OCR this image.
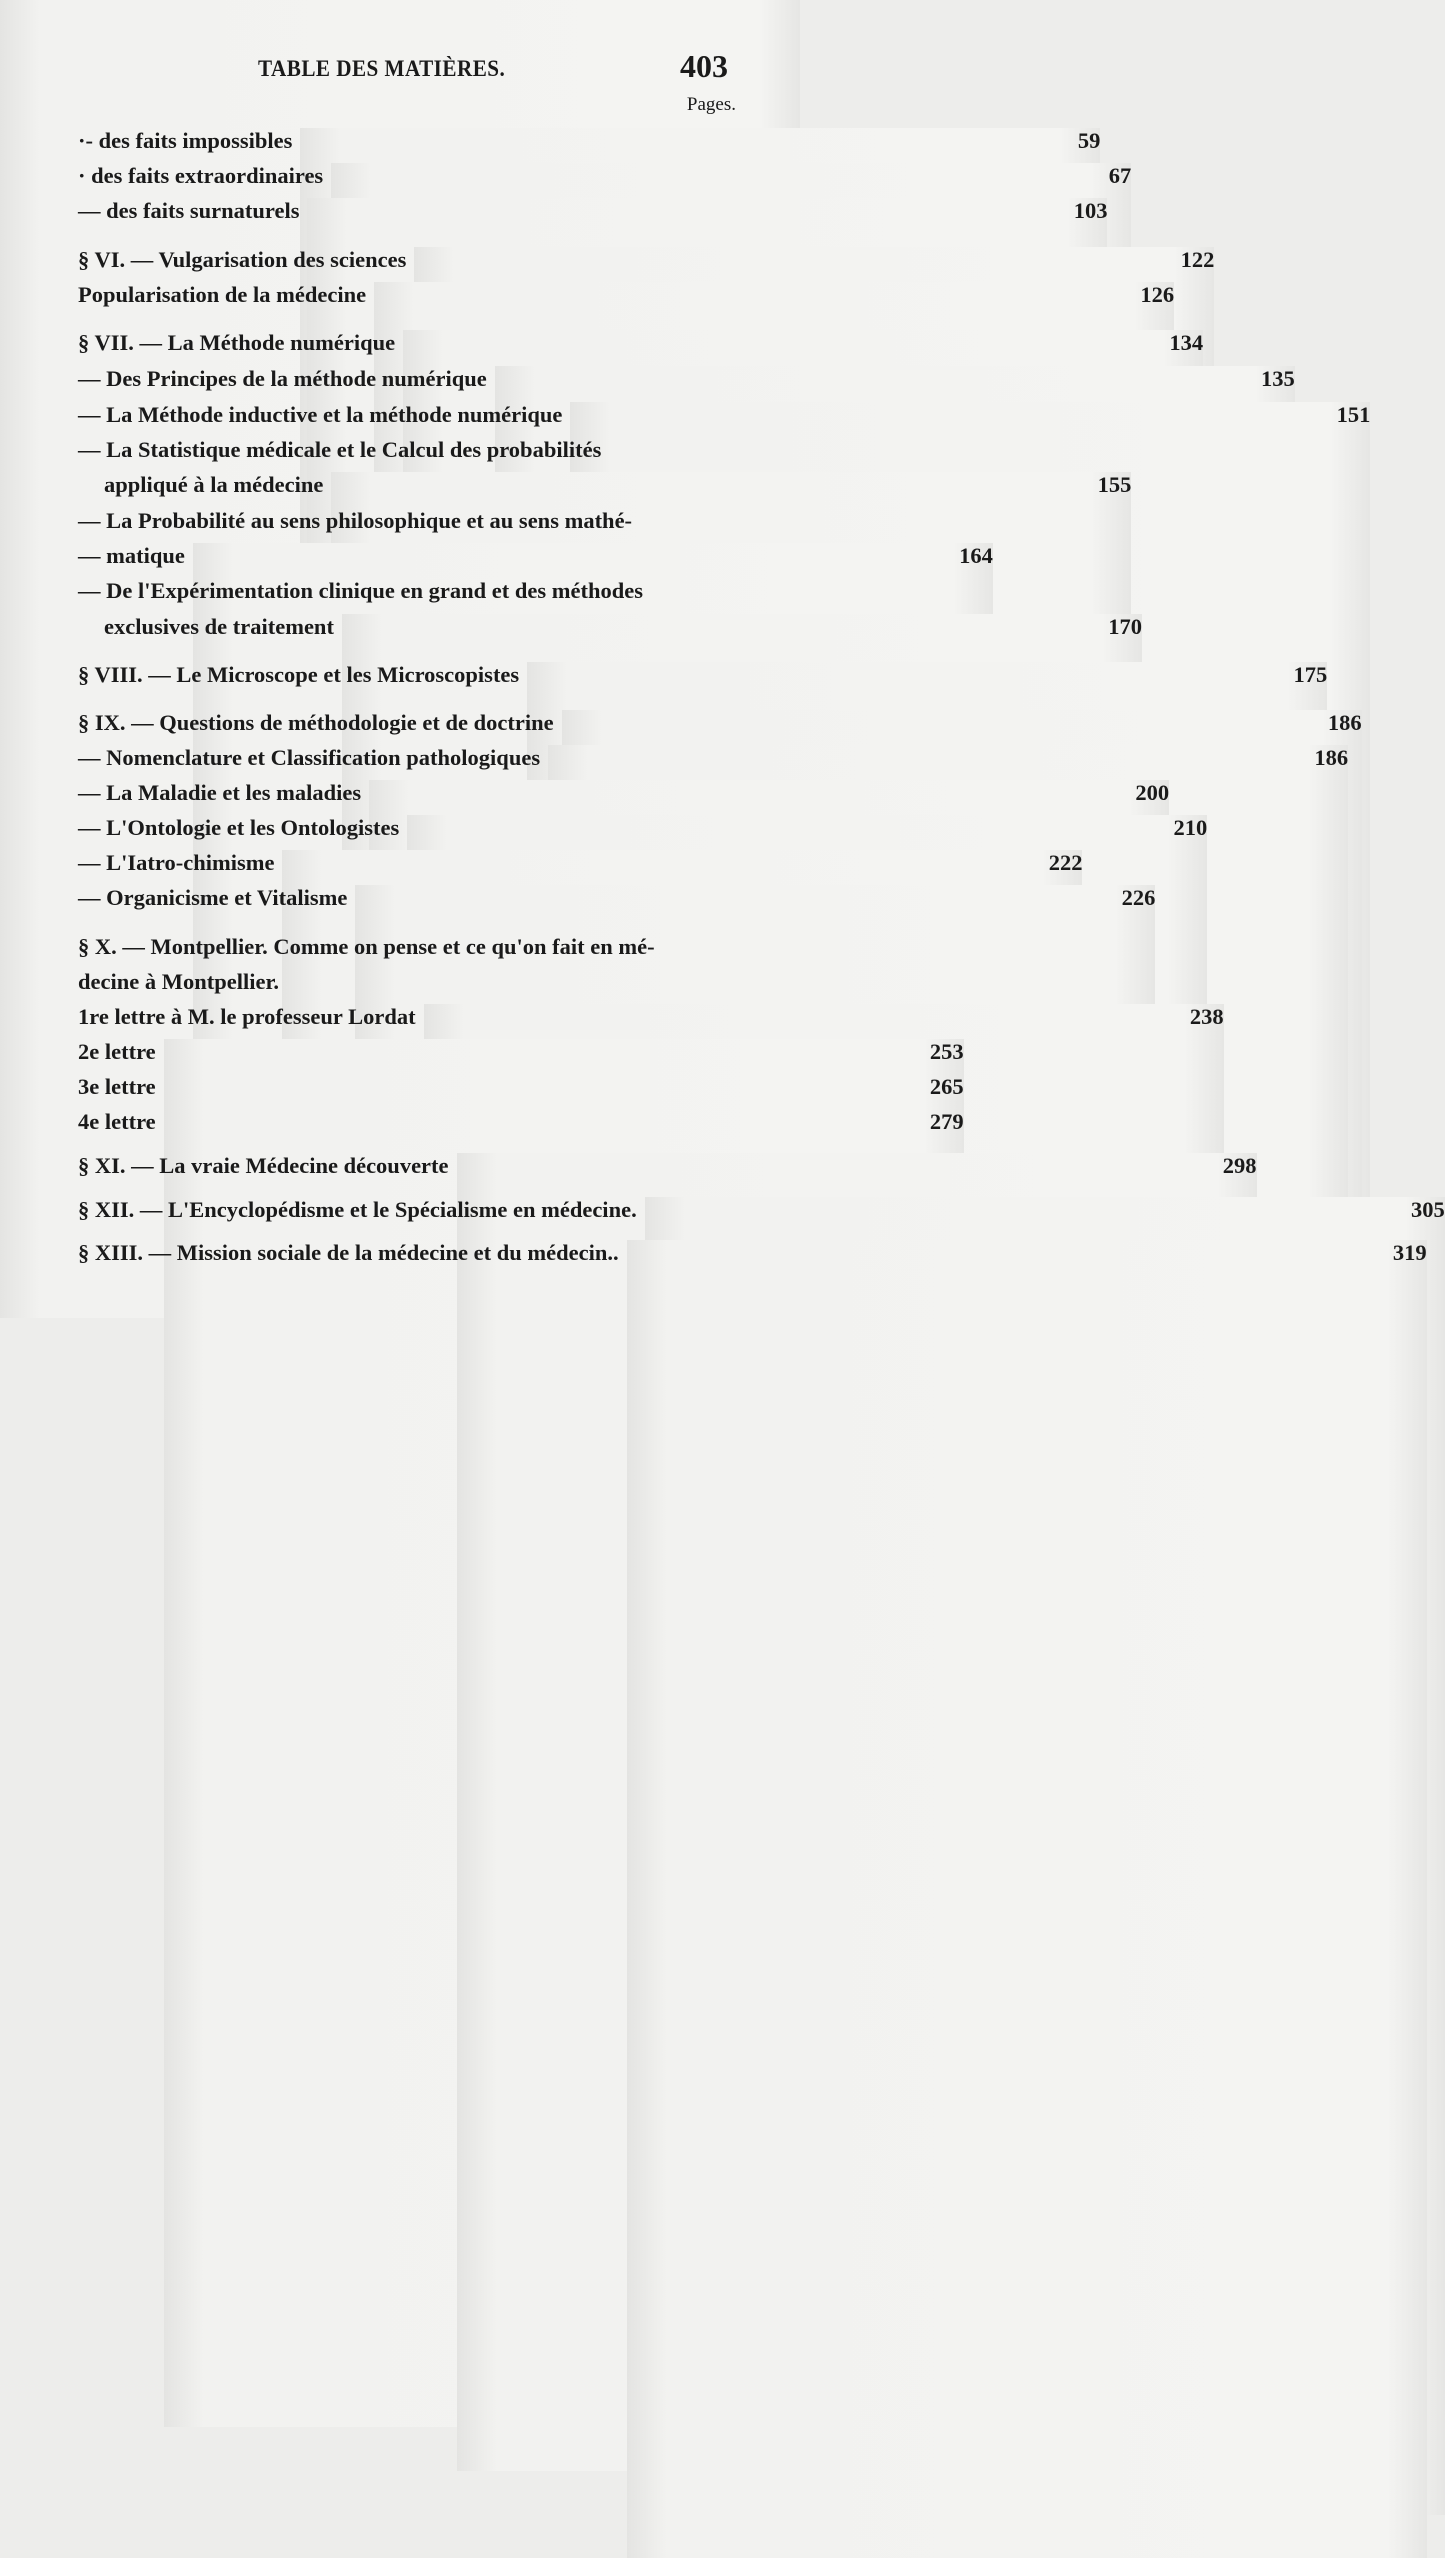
TABLE DES MATIÈRES.	403
Pages.
·- des faits impossibles	59
· des faits extraordinaires	67
— des faits surnaturels	103
§ VI. — Vulgarisation des sciences	122
Popularisation de la médecine	126
§ VII. — La Méthode numérique	134
— Des Principes de la méthode numérique	135
— La Méthode inductive et la méthode numérique	151
— La Statistique médicale et le Calcul des probabilités
appliqué à la médecine	155
— La Probabilité au sens philosophique et au sens mathé-
— matique	164
— De l'Expérimentation clinique en grand et des méthodes
exclusives de traitement	170
§ VIII. — Le Microscope et les Microscopistes	175
§ IX. — Questions de méthodologie et de doctrine	186
— Nomenclature et Classification pathologiques	186
— La Maladie et les maladies	200
— L'Ontologie et les Ontologistes	210
— L'Iatro-chimisme	222
— Organicisme et Vitalisme	226
§ X. — Montpellier. Comme on pense et ce qu'on fait en mé-
decine à Montpellier.
1re lettre à M. le professeur Lordat	238
2e lettre	253
3e lettre	265
4e lettre	279
§ XI. — La vraie Médecine découverte	298
§ XII. — L'Encyclopédisme et le Spécialisme en médecine.	305
§ XIII. — Mission sociale de la médecine et du médecin..	319
